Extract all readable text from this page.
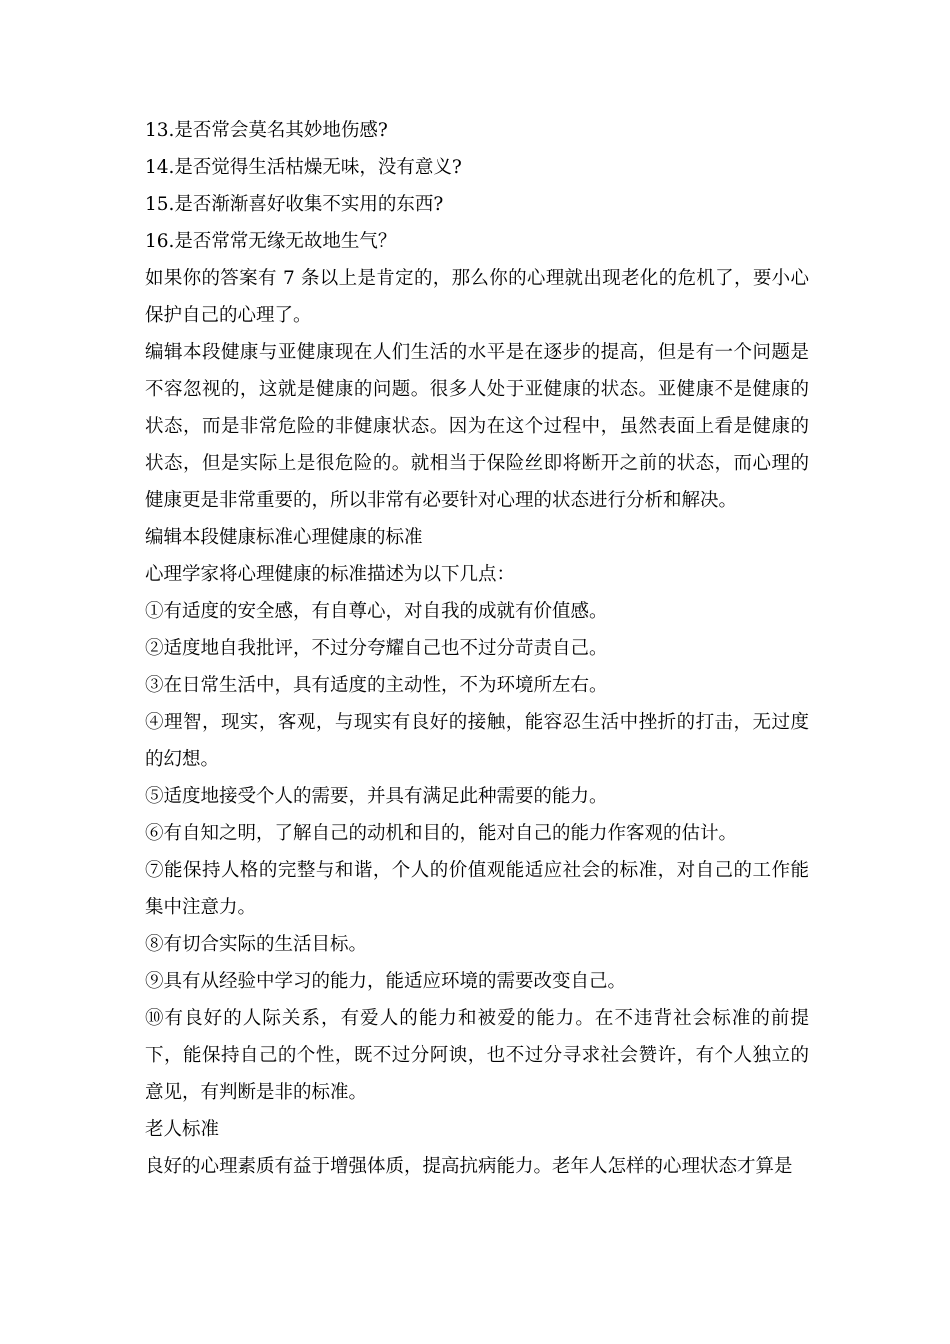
13.是否常会莫名其妙地伤感?

14.是否觉得生活枯燥无味，没有意义?

15.是否渐渐喜好收集不实用的东西?

16.是否常常无缘无故地生气？

如果你的答案有 7 条以上是肯定的，那么你的心理就出现老化的危机了，要小心保护自己的心理了。

编辑本段健康与亚健康现在人们生活的水平是在逐步的提高，但是有一个问题是不容忽视的，这就是健康的问题。很多人处于亚健康的状态。亚健康不是健康的状态，而是非常危险的非健康状态。因为在这个过程中，虽然表面上看是健康的状态，但是实际上是很危险的。就相当于保险丝即将断开之前的状态，而心理的健康更是非常重要的，所以非常有必要针对心理的状态进行分析和解决。

编辑本段健康标准心理健康的标准

心理学家将心理健康的标准描述为以下几点：

①有适度的安全感，有自尊心，对自我的成就有价值感。

②适度地自我批评，不过分夸耀自己也不过分苛责自己。

③在日常生活中，具有适度的主动性，不为环境所左右。

④理智，现实，客观，与现实有良好的接触，能容忍生活中挫折的打击，无过度的幻想。

⑤适度地接受个人的需要，并具有满足此种需要的能力。

⑥有自知之明，了解自己的动机和目的，能对自己的能力作客观的估计。

⑦能保持人格的完整与和谐，个人的价值观能适应社会的标准，对自己的工作能集中注意力。

⑧有切合实际的生活目标。

⑨具有从经验中学习的能力，能适应环境的需要改变自己。

⑩有良好的人际关系，有爱人的能力和被爱的能力。在不违背社会标准的前提下，能保持自己的个性，既不过分阿谀，也不过分寻求社会赞许，有个人独立的意见，有判断是非的标准。

老人标准

良好的心理素质有益于增强体质，提高抗病能力。老年人怎样的心理状态才算是
